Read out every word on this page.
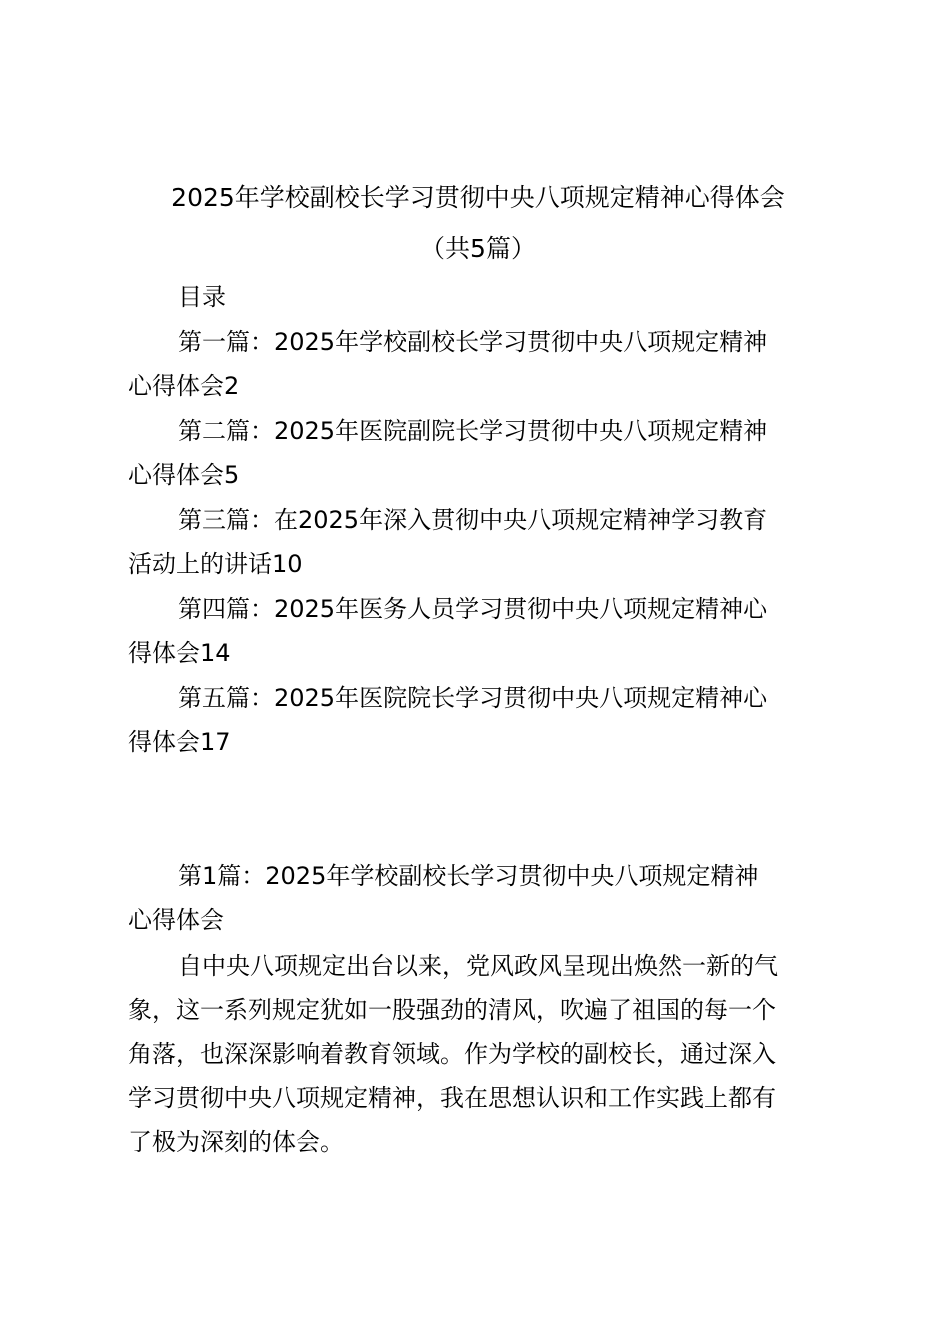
2025年学校副校长学习贯彻中央八项规定精神心得体会
（共5篇）
目录
第一篇：2025年学校副校长学习贯彻中央八项规定精神
心得体会2
第二篇：2025年医院副院长学习贯彻中央八项规定精神
心得体会5
第三篇：在2025年深入贯彻中央八项规定精神学习教育
活动上的讲话10
第四篇：2025年医务人员学习贯彻中央八项规定精神心
得体会14
第五篇：2025年医院院长学习贯彻中央八项规定精神心
得体会17
第1篇：2025年学校副校长学习贯彻中央八项规定精神
心得体会
自中央八项规定出台以来，党风政风呈现出焕然一新的气
象，这一系列规定犹如一股强劲的清风，吹遍了祖国的每一个
角落，也深深影响着教育领域。作为学校的副校长，通过深入
学习贯彻中央八项规定精神，我在思想认识和工作实践上都有
了极为深刻的体会。
